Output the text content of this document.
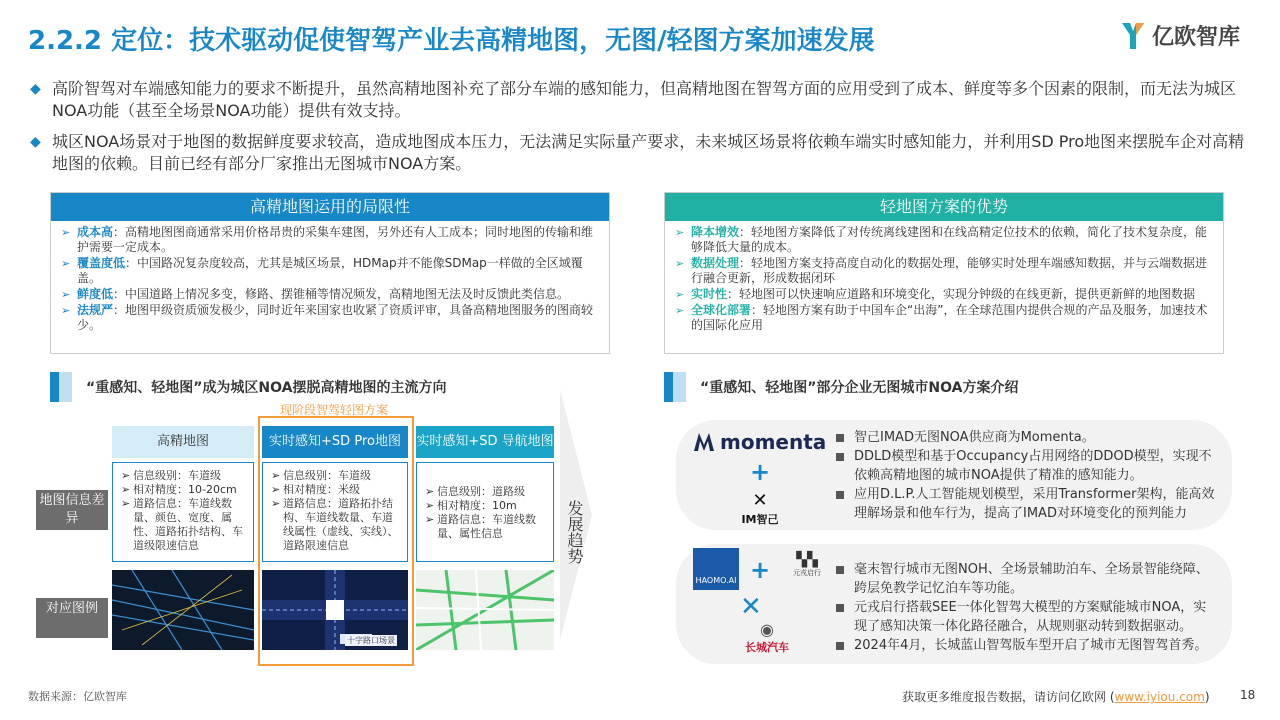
2.2.2 定位：技术驱动促使智驾产业去高精地图，无图/轻图方案加速发展	亿欧智库
◆ 高阶智驾对车端感知能力的要求不断提升，虽然高精地图补充了部分车端的感知能力，但高精地图在智驾方面的应用受到了成本、鲜度等多个因素的限制，而无法为城区NOA功能（甚至全场景NOA功能）提供有效支持。
◆ 城区NOA场景对于地图的数据鲜度要求较高，造成地图成本压力，无法满足实际量产要求，未来城区场景将依赖车端实时感知能力，并利用SD Pro地图来摆脱车企对高精地图的依赖。目前已经有部分厂家推出无图城市NOA方案。
高精地图运用的局限性
➢ 成本高：高精地图图商通常采用价格昂贵的采集车建图，另外还有人工成本；同时地图的传输和维护需要一定成本。
➢ 覆盖度低：中国路况复杂度较高，尤其是城区场景，HDMap并不能像SDMap一样做的全区域覆盖。
➢ 鲜度低：中国道路上情况多变，修路、摆锥桶等情况频发，高精地图无法及时反馈此类信息。
➢ 法规严：地图甲级资质颁发极少，同时近年来国家也收紧了资质评审，具备高精地图服务的图商较少。
轻地图方案的优势
➢ 降本增效：轻地图方案降低了对传统离线建图和在线高精定位技术的依赖，简化了技术复杂度，能够降低大量的成本。
➢ 数据处理：轻地图方案支持高度自动化的数据处理，能够实时处理车端感知数据，并与云端数据进行融合更新，形成数据闭环
➢ 实时性：轻地图可以快速响应道路和环境变化，实现分钟级的在线更新，提供更新鲜的地图数据
➢ 全球化部署：轻地图方案有助于中国车企“出海”，在全球范围内提供合规的产品及服务，加速技术的国际化应用
“重感知、轻地图”成为城区NOA摆脱高精地图的主流方向	“重感知、轻地图”部分企业无图城市NOA方案介绍
发展趋势
现阶段智驾轻图方案
高精地图	实时感知+SD Pro地图	实时感知+SD 导航地图
地图信息差异
对应图例
➢ 信息级别：车道级
➢ 相对精度：10-20cm
➢ 道路信息：车道线数量、颜色、宽度、属性、道路拓扑结构、车道级限速信息
➢ 信息级别：车道级
➢ 相对精度：米级
➢ 道路信息：道路拓扑结构、车道线数量、车道线属性（虚线、实线）、道路限速信息
➢ 信息级别：道路级
➢ 相对精度：10m
➢ 道路信息：车道线数量、属性信息
十字路口场景
momenta
+
✕
IM智己
智己IMAD无图NOA供应商为Momenta。
DDLD模型和基于Occupancy占用网络的DDOD模型，实现不依赖高精地图的城市NOA提供了精准的感知能力。
应用D.L.P.人工智能规划模型，采用Transformer架构，能高效理解场景和他车行为，提高了IMAD对环境变化的预判能力
HAOMO.AI +	▚▚
元戎启行
✕
◉
长城汽车
毫末智行城市无图NOH、全场景辅助泊车、全场景智能绕障、跨层免教学记忆泊车等功能。
元戎启行搭载SEE一体化智驾大模型的方案赋能城市NOA，实现了感知决策一体化路径融合，从规则驱动转到数据驱动。
2024年4月，长城蓝山智驾版车型开启了城市无图智驾首秀。
数据来源：亿欧智库	获取更多维度报告数据，请访问亿欧网 (www.iyiou.com)	18
